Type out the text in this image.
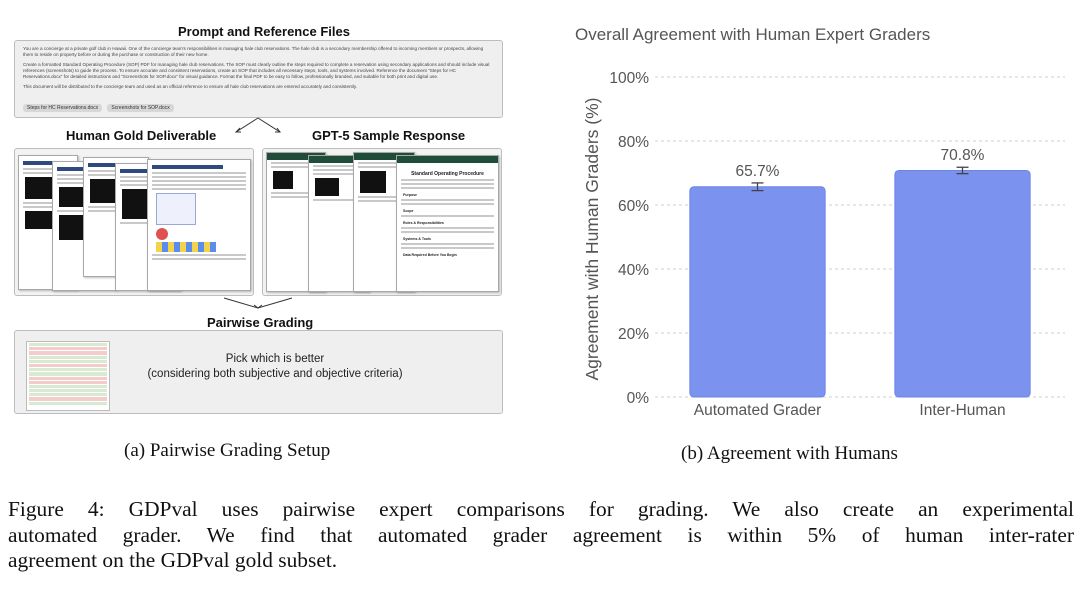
Prompt and Reference Files

You are a concierge at a private golf club in Hawaii. One of the concierge team's responsibilities is managing hale club reservations. The hale club is a secondary membership offered to incoming members or prospects, allowing them to reside on property before or during the purchase or construction of their new home.

Create a formatted Standard Operating Procedure (SOP) PDF for managing hale club reservations. The SOP must clearly outline the steps required to complete a reservation using secondary applications and should include visual references (screenshots) to guide the process. To ensure accurate and consistent reservations, create an SOP that includes all necessary steps, tools, and systems involved. Reference the document "Steps for HC Reservations.docx" for detailed instructions and "Screenshots for SOP.docx" for visual guidance. Format the final PDF to be easy to follow, professionally branded, and suitable for both print and digital use.

This document will be distributed to the concierge team and used as an official reference to ensure all hale club reservations are entered accurately and consistently.

Steps for HC Reservations.docx	Screenshots for SOP.docx
Human Gold Deliverable	GPT-5 Sample Response
Standard Operating Procedure
Purpose
Scope
Roles & Responsibilities
Systems & Tools
Data Required Before You Begin
Pairwise Grading
Pick which is better
(considering both subjective and objective criteria)
(a) Pairwise Grading Setup
Overall Agreement with Human Expert Graders
Agreement with Human Graders (%)
0%
20%
40%
60%
80%
100%
65.7%
70.8%
Automated Grader	Inter-Human
(b) Agreement with Humans
Figure 4: GDPval uses pairwise expert comparisons for grading. We also create an experimental
automated grader. We find that automated grader agreement is within 5% of human inter-rater
agreement on the GDPval gold subset.
